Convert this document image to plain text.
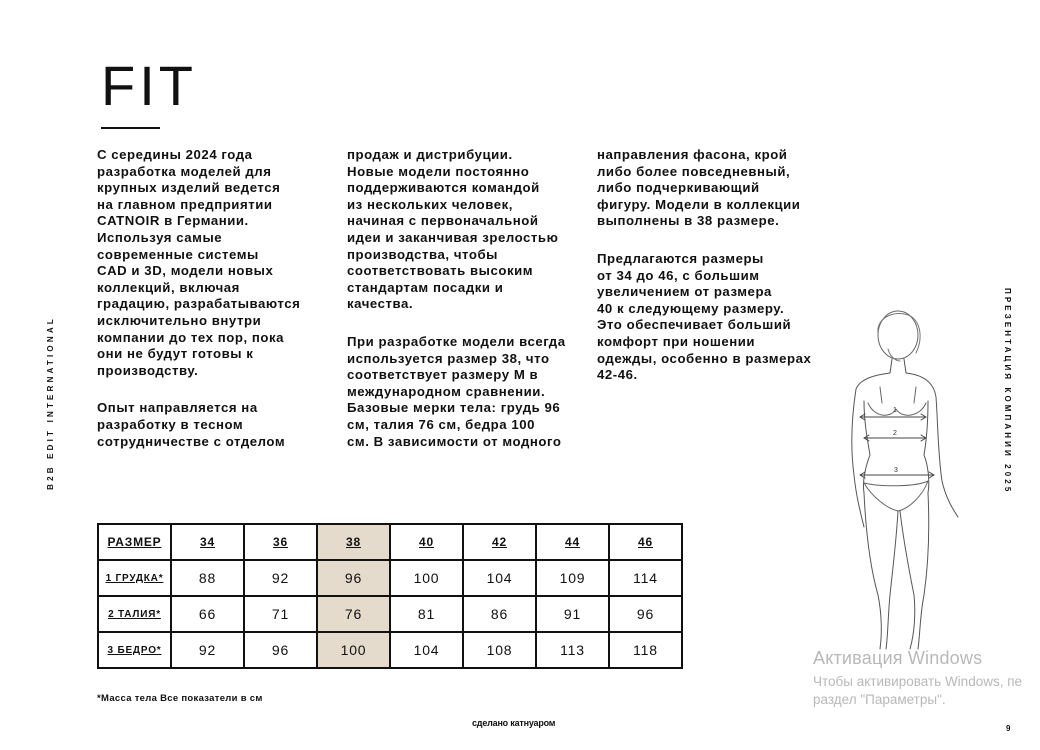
FIT

С середины 2024 года
разработка моделей для
крупных изделий ведется
на главном предприятии
CATNOIR в Германии.
Используя самые
современные системы
CAD и 3D, модели новых
коллекций, включая
градацию, разрабатываются
исключительно внутри
компании до тех пор, пока
они не будут готовы к
производству.

Опыт направляется на
разработку в тесном
сотрудничестве с отделом

продаж и дистрибуции.
Новые модели постоянно
поддерживаются командой
из нескольких человек,
начиная с первоначальной
идеи и заканчивая зрелостью
производства, чтобы
соответствовать высоким
стандартам посадки и
качества.

При разработке модели всегда
используется размер 38, что
соответствует размеру М в
международном сравнении.
Базовые мерки тела: грудь 96
см, талия 76 см, бедра 100
см. В зависимости от модного

направления фасона, крой
либо более повседневный,
либо подчеркивающий
фигуру. Модели в коллекции
выполнены в 38 размере.

Предлагаются размеры
от 34 до 46, с большим
увеличением от размера
40 к следующему размеру.
Это обеспечивает больший
комфорт при ношении
одежды, особенно в размерах
42-46.

B2B EDIT INTERNATIONAL	ПРЕЗЕНТАЦИЯ КОМПАНИИ 2025
РАЗМЕР	34	36	38	40	42	44	46
1 ГРУДКА*	88	92	96	100	104	109	114
2 ТАЛИЯ*	66	71	76	81	86	91	96
3 БЕДРО*	92	96	100	104	108	113	118
*Масса тела Все показатели в см
сделано катнуаром
9
1
2
3
Активация Windows
Чтобы активировать Windows, пе
раздел "Параметры".
